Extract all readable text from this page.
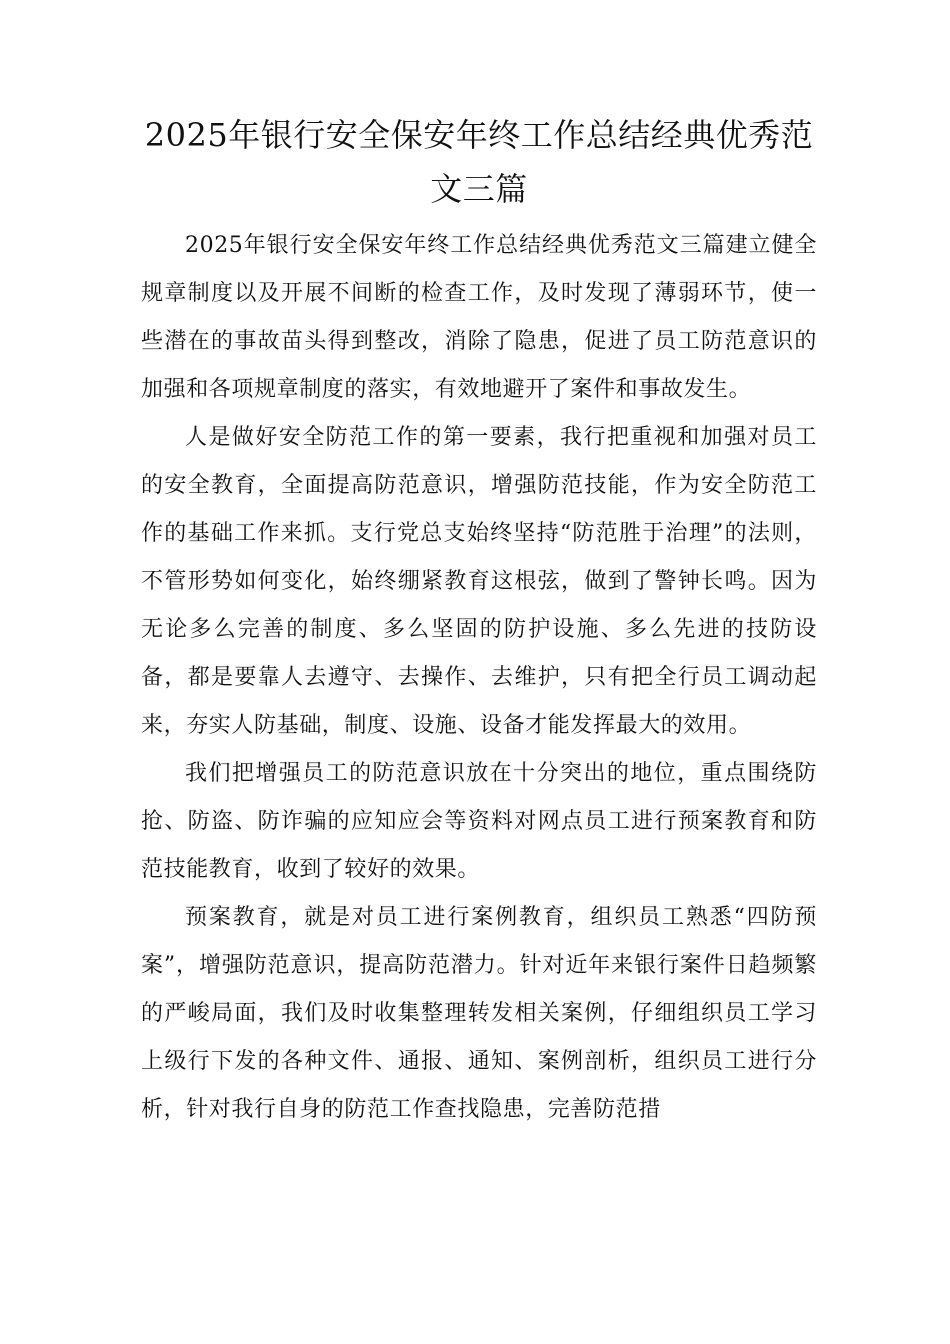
2025年银行安全保安年终工作总结经典优秀范
文三篇

2025年银行安全保安年终工作总结经典优秀范文三篇建立健全规章制度以及开展不间断的检查工作，及时发现了薄弱环节，使一些潜在的事故苗头得到整改，消除了隐患，促进了员工防范意识的加强和各项规章制度的落实，有效地避开了案件和事故发生。

人是做好安全防范工作的第一要素，我行把重视和加强对员工的安全教育，全面提高防范意识，增强防范技能，作为安全防范工作的基础工作来抓。支行党总支始终坚持“防范胜于治理”的法则，不管形势如何变化，始终绷紧教育这根弦，做到了警钟长鸣。因为无论多么完善的制度、多么坚固的防护设施、多么先进的技防设备，都是要靠人去遵守、去操作、去维护，只有把全行员工调动起来，夯实人防基础，制度、设施、设备才能发挥最大的效用。

我们把增强员工的防范意识放在十分突出的地位，重点围绕防抢、防盗、防诈骗的应知应会等资料对网点员工进行预案教育和防范技能教育，收到了较好的效果。

预案教育，就是对员工进行案例教育，组织员工熟悉“四防预案”，增强防范意识，提高防范潜力。针对近年来银行案件日趋频繁的严峻局面，我们及时收集整理转发相关案例，仔细组织员工学习上级行下发的各种文件、通报、通知、案例剖析，组织员工进行分析，针对我行自身的防范工作查找隐患，完善防范措
